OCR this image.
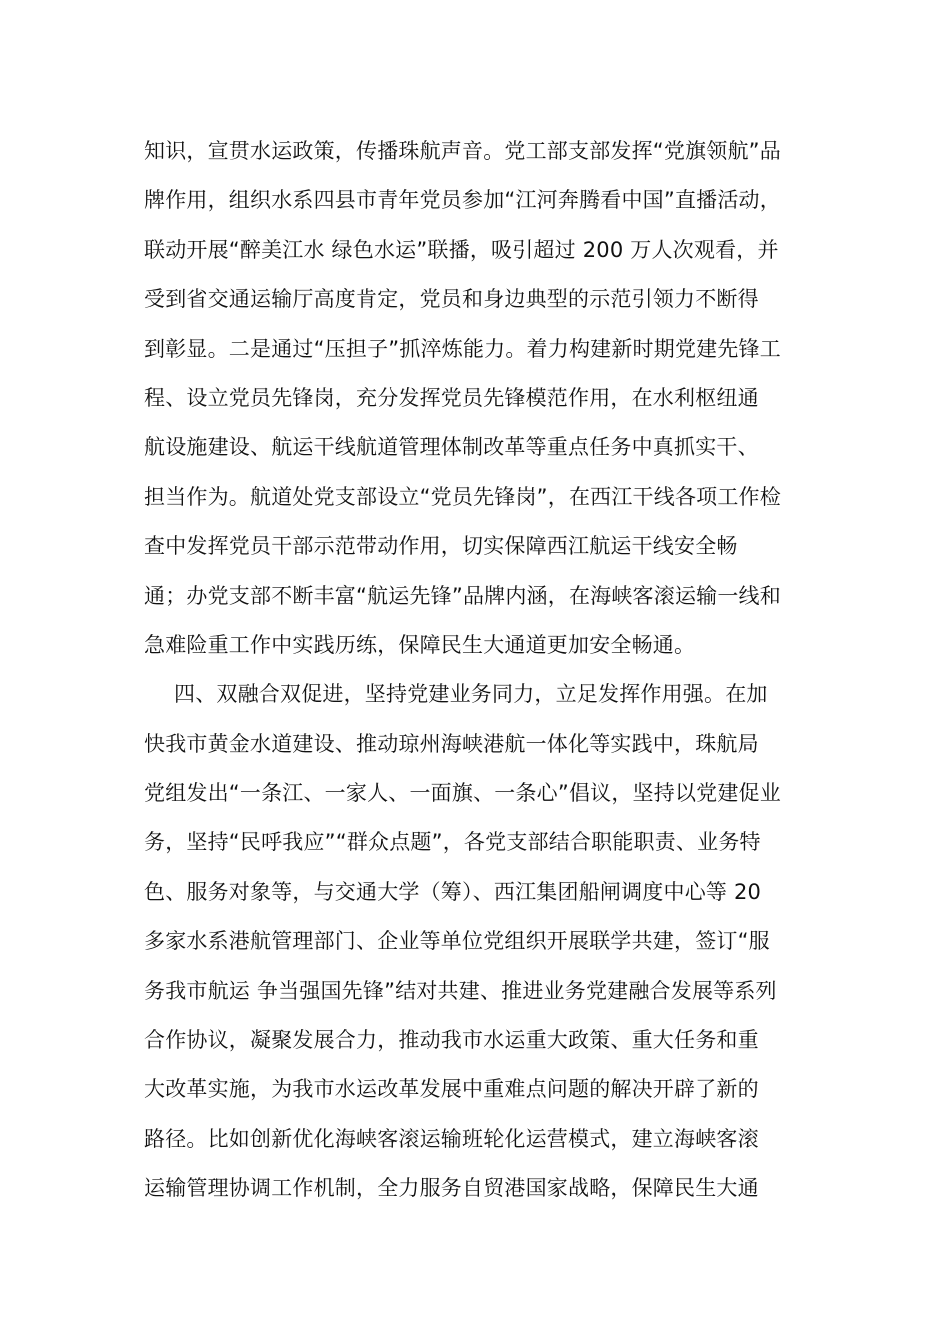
知识，宣贯水运政策，传播珠航声音。党工部支部发挥“党旗领航”品
牌作用，组织水系四县市青年党员参加“江河奔腾看中国”直播活动，
联动开展“醉美江水 绿色水运”联播，吸引超过 200 万人次观看，并
受到省交通运输厅高度肯定，党员和身边典型的示范引领力不断得
到彰显。二是通过“压担子”抓淬炼能力。着力构建新时期党建先锋工
程、设立党员先锋岗，充分发挥党员先锋模范作用，在水利枢纽通
航设施建设、航运干线航道管理体制改革等重点任务中真抓实干、
担当作为。航道处党支部设立“党员先锋岗”，在西江干线各项工作检
查中发挥党员干部示范带动作用，切实保障西江航运干线安全畅
通；办党支部不断丰富“航运先锋”品牌内涵，在海峡客滚运输一线和
急难险重工作中实践历练，保障民生大通道更加安全畅通。
四、双融合双促进，坚持党建业务同力，立足发挥作用强。在加
快我市黄金水道建设、推动琼州海峡港航一体化等实践中，珠航局
党组发出“一条江、一家人、一面旗、一条心”倡议，坚持以党建促业
务，坚持“民呼我应”“群众点题”，各党支部结合职能职责、业务特
色、服务对象等，与交通大学（筹）、西江集团船闸调度中心等 20
多家水系港航管理部门、企业等单位党组织开展联学共建，签订“服
务我市航运 争当强国先锋”结对共建、推进业务党建融合发展等系列
合作协议，凝聚发展合力，推动我市水运重大政策、重大任务和重
大改革实施，为我市水运改革发展中重难点问题的解决开辟了新的
路径。比如创新优化海峡客滚运输班轮化运营模式，建立海峡客滚
运输管理协调工作机制，全力服务自贸港国家战略，保障民生大通
